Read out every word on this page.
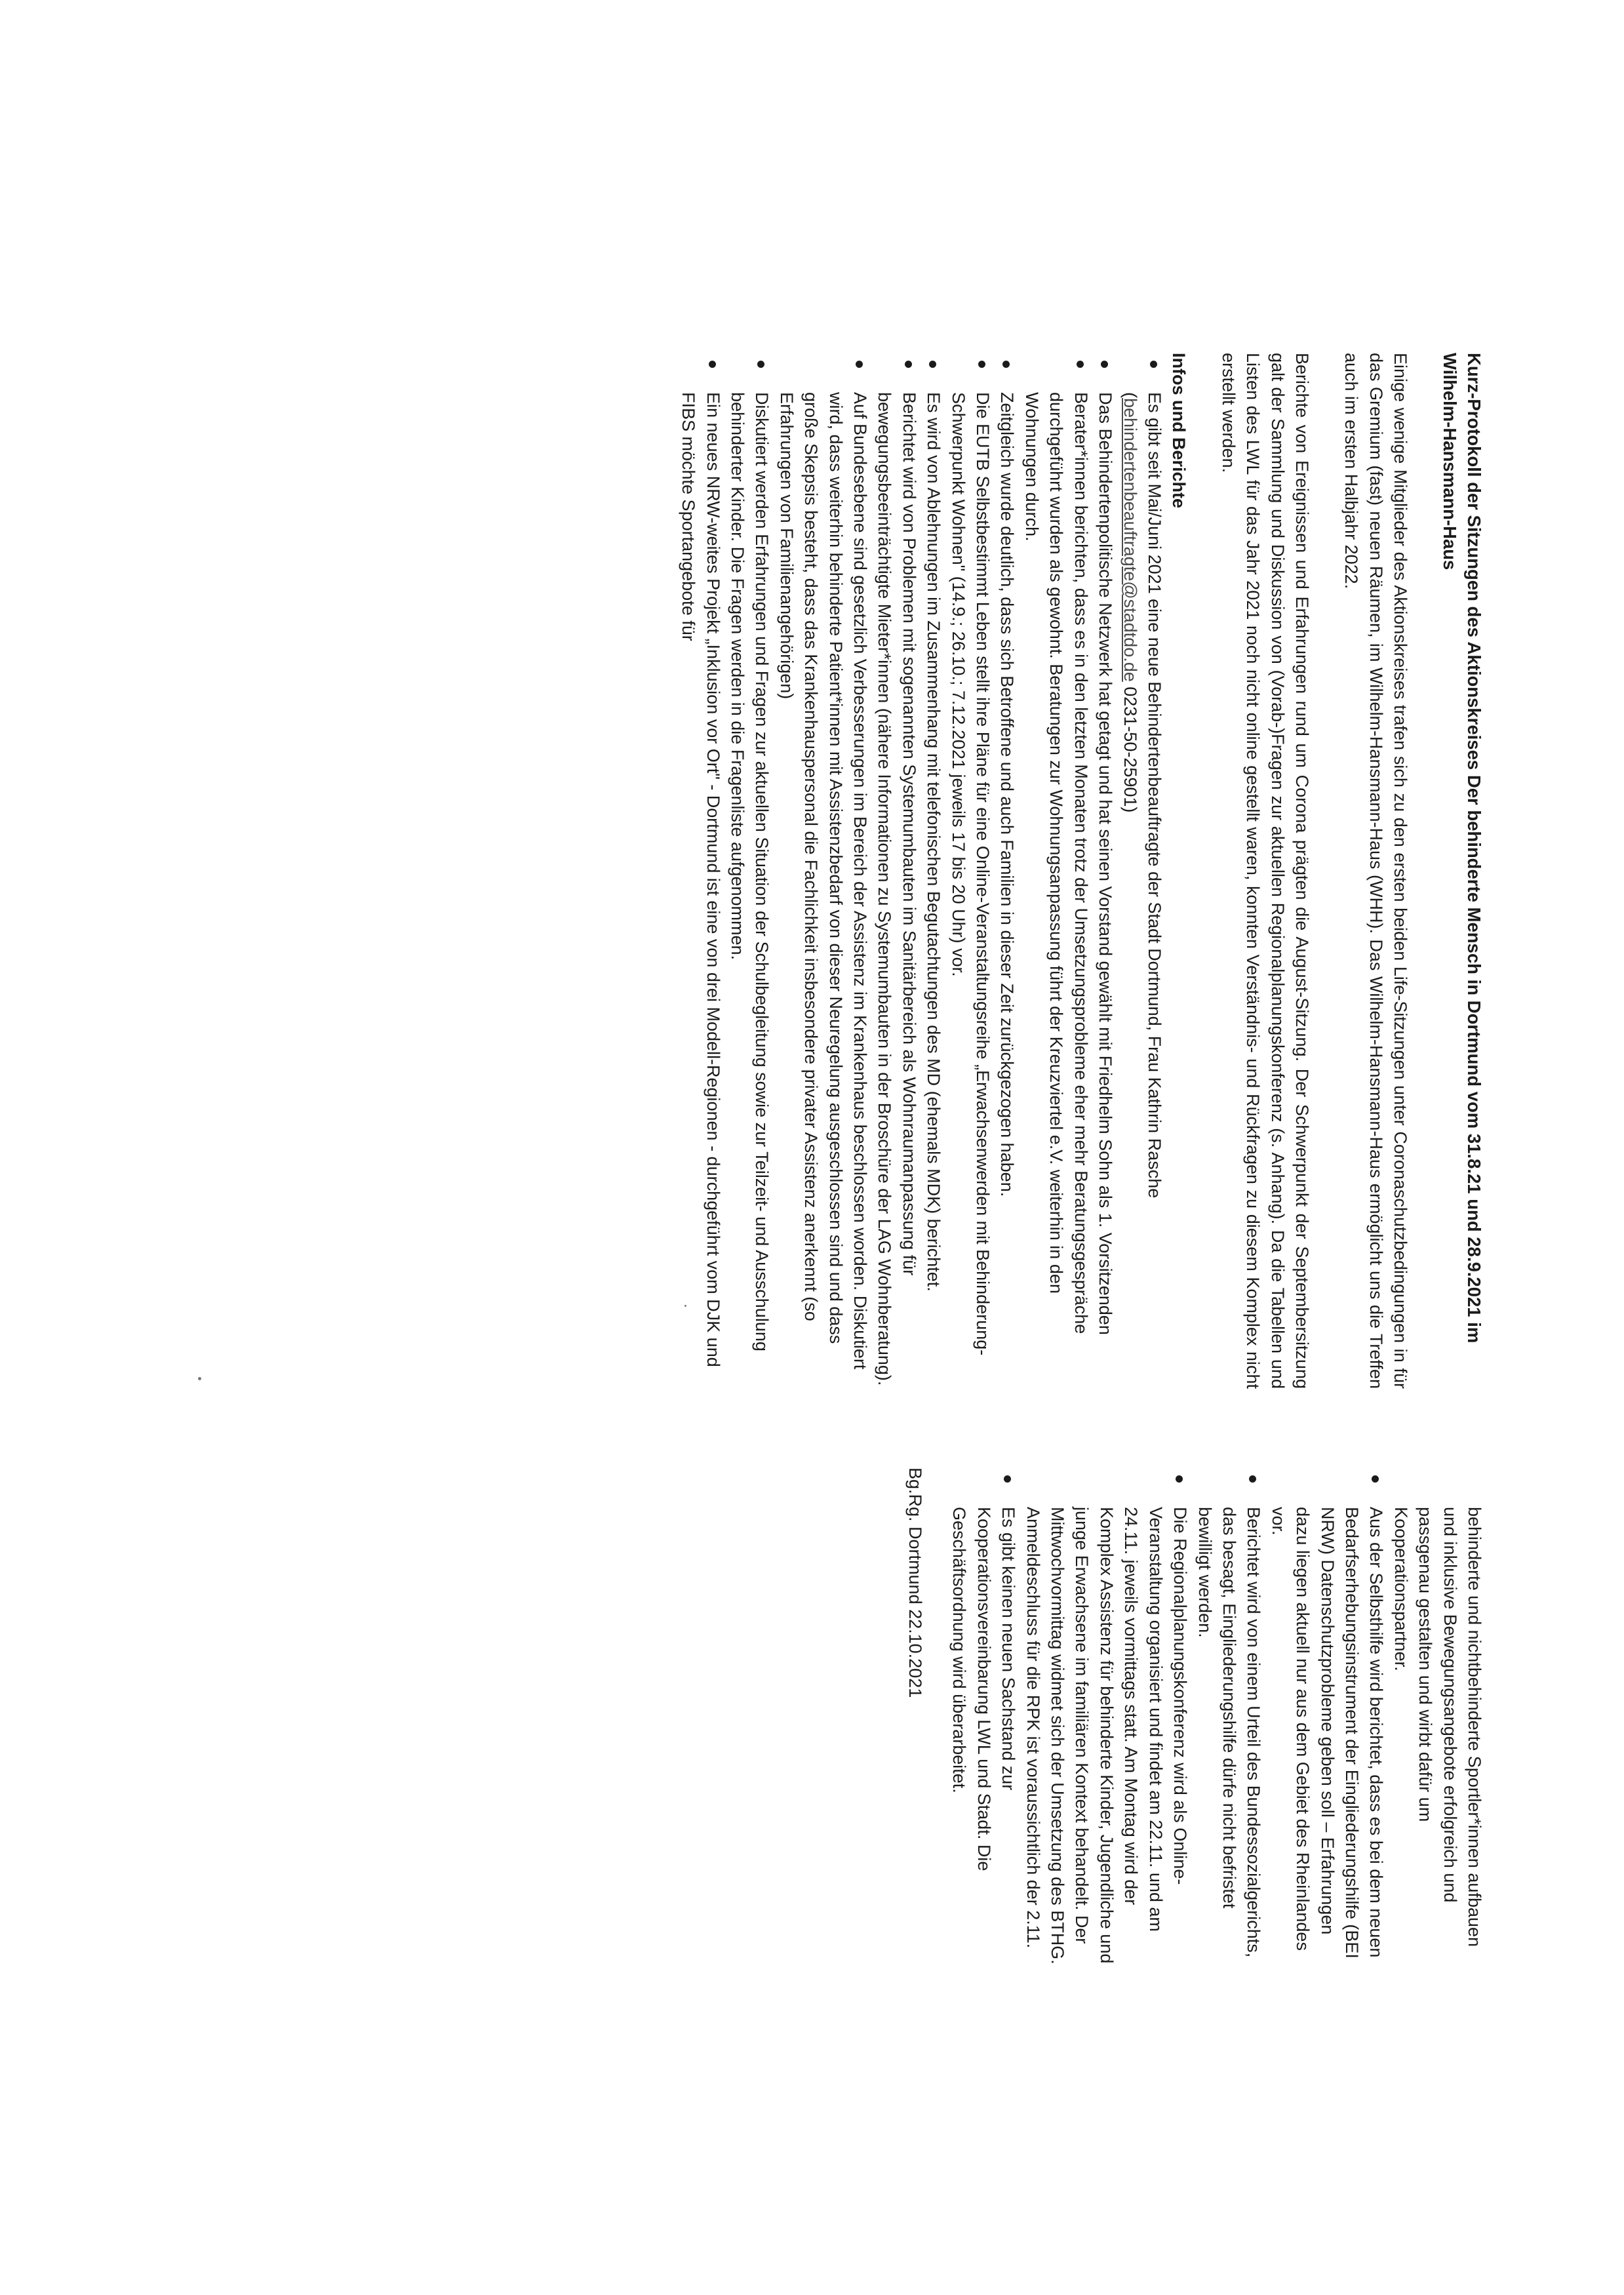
Kurz-Protokoll der Sitzungen des Aktionskreises Der behinderte Mensch in Dortmund vom 31.8.21 und 28.9.2021 im Wilhelm-Hansmann-Haus

Einige wenige Mitglieder des Aktionskreises trafen sich zu den ersten beiden Life-Sitzungen unter Coronaschutzbedingungen in für das Gremium (fast) neuen Räumen, im Wilhelm-Hansmann-Haus (WHH). Das Wilhelm-Hansmann-Haus ermöglicht uns die Treffen auch im ersten Halbjahr 2022.

Berichte von Ereignissen und Erfahrungen rund um Corona prägten die August-Sitzung. Der Schwerpunkt der Septembersitzung galt der Sammlung und Diskussion von (Vorab-)Fragen zur aktuellen Regionalplanungskonferenz (s. Anhang). Da die Tabellen und Listen des LWL für das Jahr 2021 noch nicht online gestellt waren, konnten Verständnis- und Rückfragen zu diesem Komplex nicht erstellt werden.

Infos und Berichte
Es gibt seit Mai/Juni 2021 eine neue Behindertenbeauftragte der Stadt Dortmund, Frau Kathrin Rasche (behindertenbeauftragte@stadtdo.de 0231-50-25901)
Das Behindertenpolitische Netzwerk hat getagt und hat seinen Vorstand gewählt mit Friedhelm Sohn als 1. Vorsitzenden
Berater*innen berichten, dass es in den letzten Monaten trotz der Umsetzungsprobleme eher mehr Beratungsgespräche durchgeführt wurden als gewohnt. Beratungen zur Wohnungsanpassung führt der Kreuzviertel e.V. weiterhin in den Wohnungen durch.
Zeitgleich wurde deutlich, dass sich Betroffene und auch Familien in dieser Zeit zurückgezogen haben.
Die EUTB Selbstbestimmt Leben stellt ihre Pläne für eine Online-Veranstaltungsreihe „Erwachsenwerden mit Behinderung- Schwerpunkt Wohnen" (14.9.; 26.10.; 7.12.2021 jeweils 17 bis 20 Uhr) vor.
Es wird von Ablehnungen im Zusammenhang mit telefonischen Begutachtungen des MD (ehemals MDK) berichtet.
Berichtet wird von Problemen mit sogenannten Systemumbauten im Sanitärbereich als Wohnraumanpassung für bewegungsbeeinträchtigte Mieter*innen (nähere Informationen zu Systemumbauten in der Broschüre der LAG Wohnberatung).
Auf Bundesebene sind gesetzlich Verbesserungen im Bereich der Assistenz im Krankenhaus beschlossen worden. Diskutiert wird, dass weiterhin behinderte Patient*innen mit Assistenzbedarf von dieser Neuregelung ausgeschlossen sind und dass große Skepsis besteht, dass das Krankenhauspersonal die Fachlichkeit insbesondere privater Assistenz anerkennt (so Erfahrungen von Familienangehörigen)
Diskutiert werden Erfahrungen und Fragen zur aktuellen Situation der Schulbegleitung sowie zur Teilzeit- und Ausschulung behinderter Kinder. Die Fragen werden in die Fragenliste aufgenommen.
Ein neues NRW-weites Projekt „Inklusion vor Ort" - Dortmund ist eine von drei Modell-Regionen - durchgeführt vom DJK und FIBS möchte Sportangebote für
behinderte und nichtbehinderte Sportler*innen aufbauen und inklusive Bewegungsangebote erfolgreich und passgenau gestalten und wirbt dafür um Kooperationspartner.
Aus der Selbsthilfe wird berichtet, dass es bei dem neuen Bedarfserhebungsinstrument der Eingliederungshilfe (BEI NRW) Datenschutzprobleme geben soll – Erfahrungen dazu liegen aktuell nur aus dem Gebiet des Rheinlandes vor.
Berichtet wird von einem Urteil des Bundessozialgerichts, das besagt, Eingliederungshilfe dürfe nicht befristet bewilligt werden.
Die Regionalplanungskonferenz wird als Online-Veranstaltung organisiert und findet am 22.11. und am 24.11. jeweils vormittags statt. Am Montag wird der Komplex Assistenz für behinderte Kinder, Jugendliche und junge Erwachsene im familiären Kontext behandelt. Der Mittwochvormittag widmet sich der Umsetzung des BTHG. Anmeldeschluss für die RPK ist voraussichtlich der 2.11.
Es gibt keinen neuen Sachstand zur Kooperationsvereinbarung LWL und Stadt. Die Geschäftsordnung wird überarbeitet.
Bg.Rg. Dortmund 22.10.2021
